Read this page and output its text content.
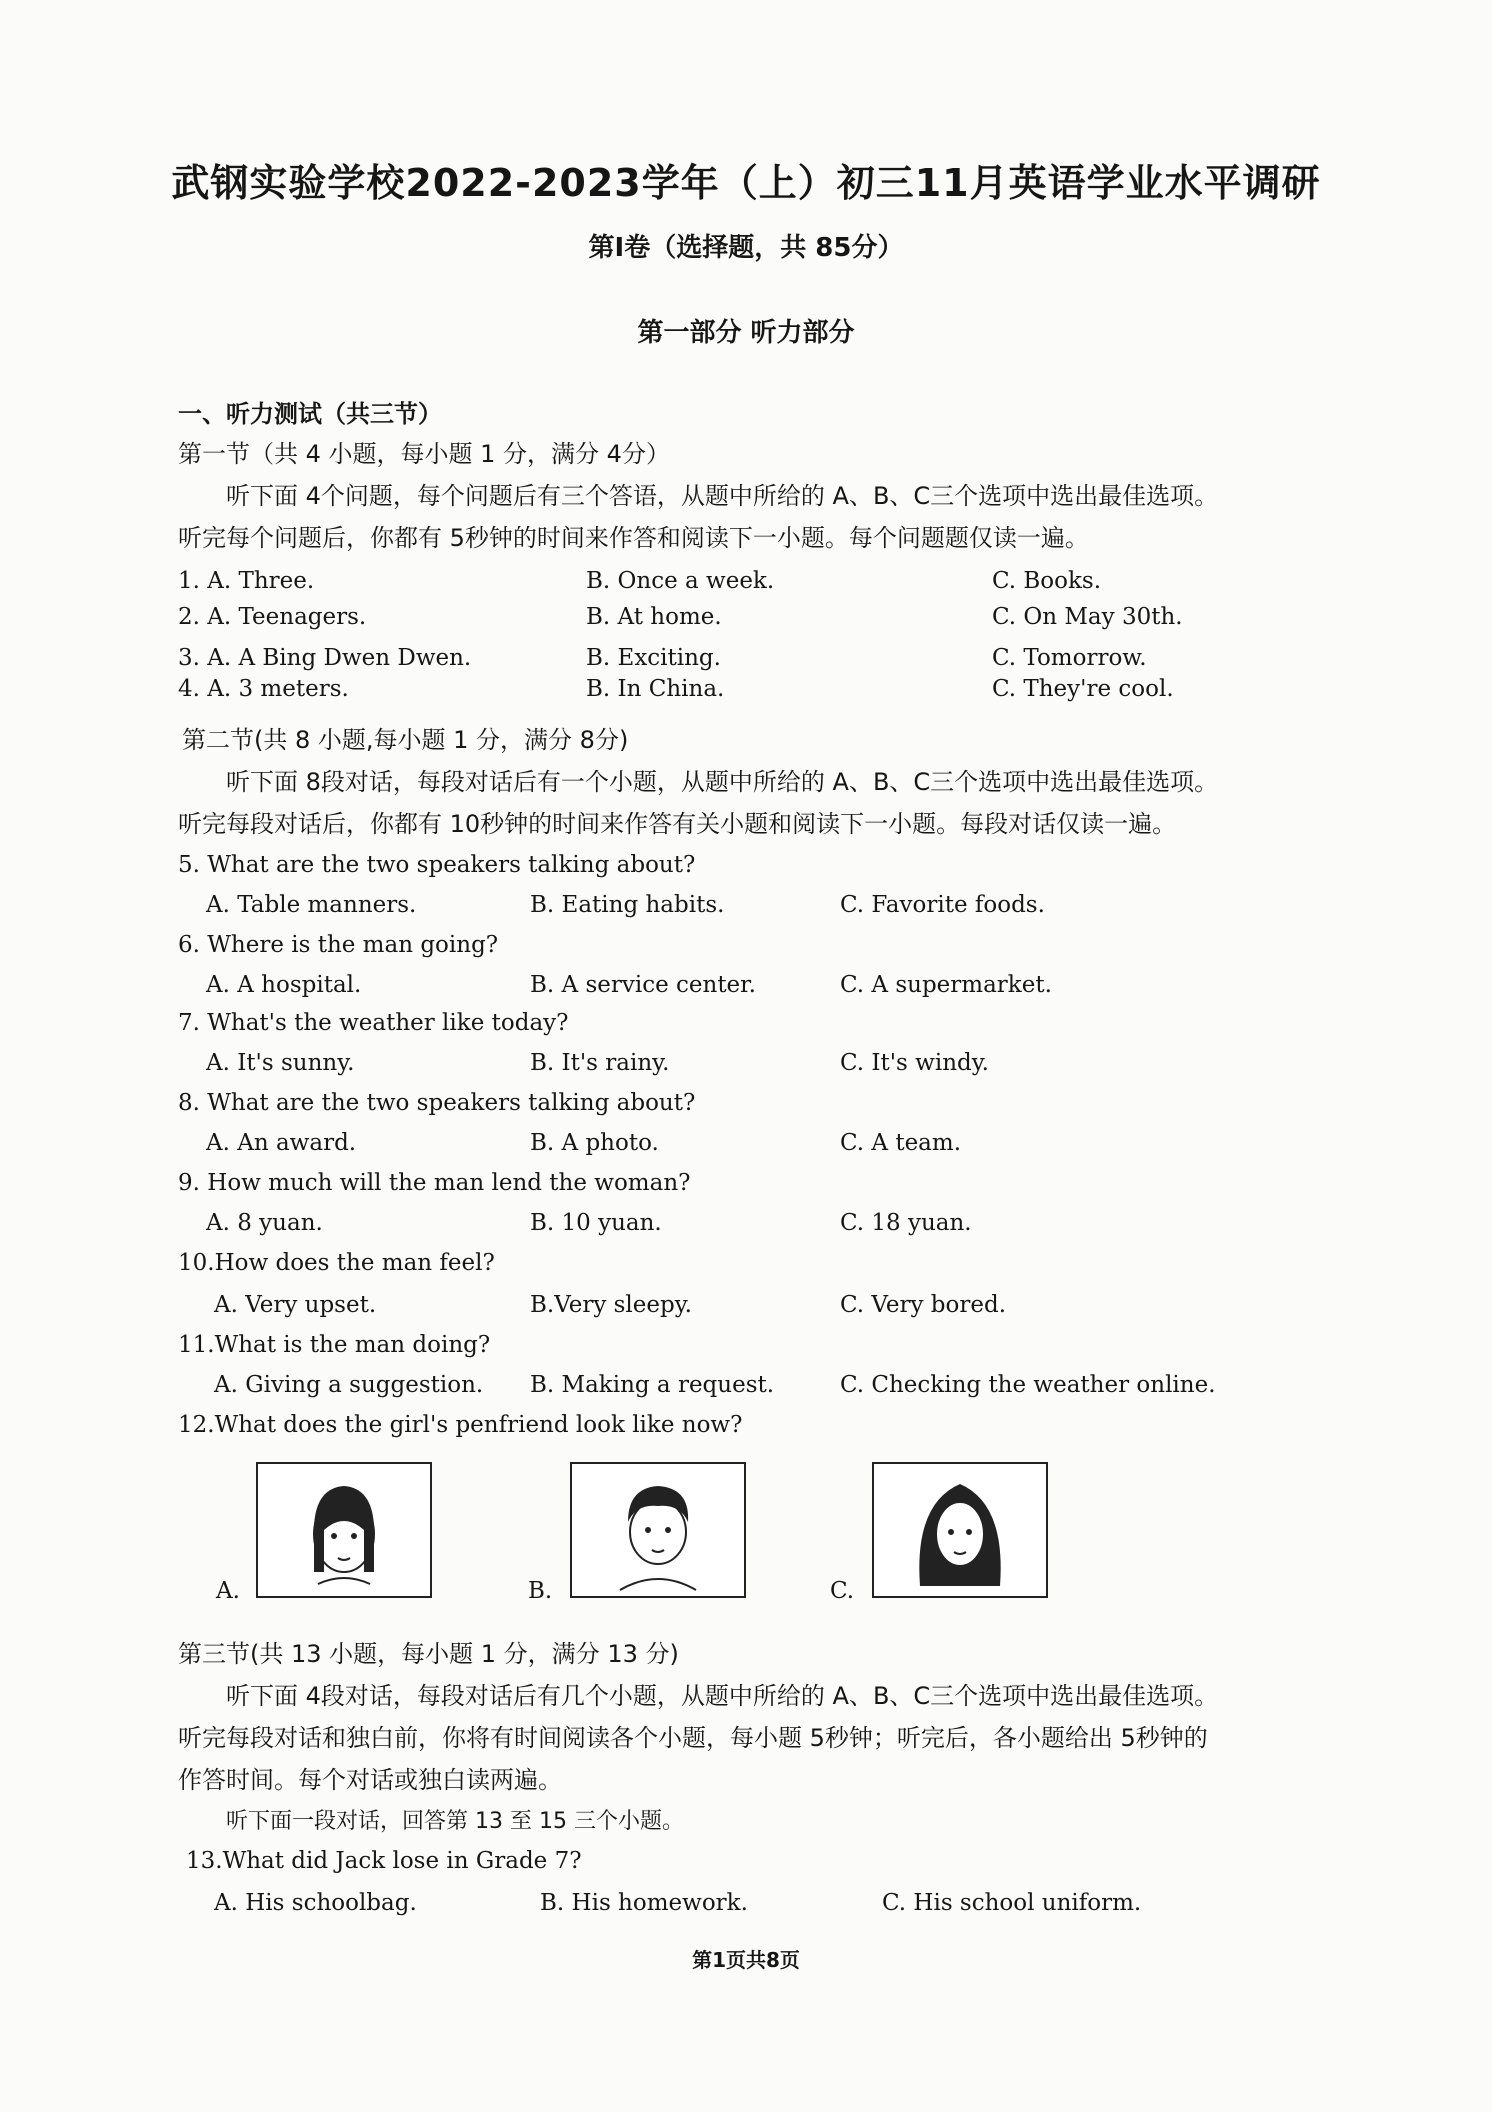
武钢实验学校2022-2023学年（上）初三11月英语学业水平调研
第Ⅰ卷（选择题，共 85分）
第一部分 听力部分
一、听力测试（共三节）
第一节（共 4 小题，每小题 1 分，满分 4分）
听下面 4个问题，每个问题后有三个答语，从题中所给的 A、B、C三个选项中选出最佳选项。
听完每个问题后，你都有 5秒钟的时间来作答和阅读下一小题。每个问题题仅读一遍。
1. A. Three.	B. Once a week.	C. Books.
2. A. Teenagers.	B. At home.	C. On May 30th.
3. A. A Bing Dwen Dwen.	B. Exciting.	C. Tomorrow.
4. A. 3 meters.	B. In China.	C. They're cool.
第二节(共 8 小题,每小题 1 分，满分 8分)
听下面 8段对话，每段对话后有一个小题，从题中所给的 A、B、C三个选项中选出最佳选项。
听完每段对话后，你都有 10秒钟的时间来作答有关小题和阅读下一小题。每段对话仅读一遍。
5. What are the two speakers talking about?
A. Table manners.	B. Eating habits.	C. Favorite foods.
6. Where is the man going?
A. A hospital.	B. A service center.	C. A supermarket.
7. What's the weather like today?
A. It's sunny.	B. It's rainy.	C. It's windy.
8. What are the two speakers talking about?
A. An award.	B. A photo.	C. A team.
9. How much will the man lend the woman?
A. 8 yuan.	B. 10 yuan.	C. 18 yuan.
10.How does the man feel?
A. Very upset.	B.Very sleepy.	C. Very bored.
11.What is the man doing?
A. Giving a suggestion. B. Making a request.	C. Checking the weather online.
12.What does the girl's penfriend look like now?
A.	B.	C.
第三节(共 13 小题，每小题 1 分，满分 13 分)
听下面 4段对话，每段对话后有几个小题，从题中所给的 A、B、C三个选项中选出最佳选项。
听完每段对话和独白前，你将有时间阅读各个小题，每小题 5秒钟；听完后，各小题给出 5秒钟的
作答时间。每个对话或独白读两遍。
听下面一段对话，回答第 13 至 15 三个小题。
13.What did Jack lose in Grade 7?
A. His schoolbag.	B. His homework.	C. His school uniform.
第1页共8页
